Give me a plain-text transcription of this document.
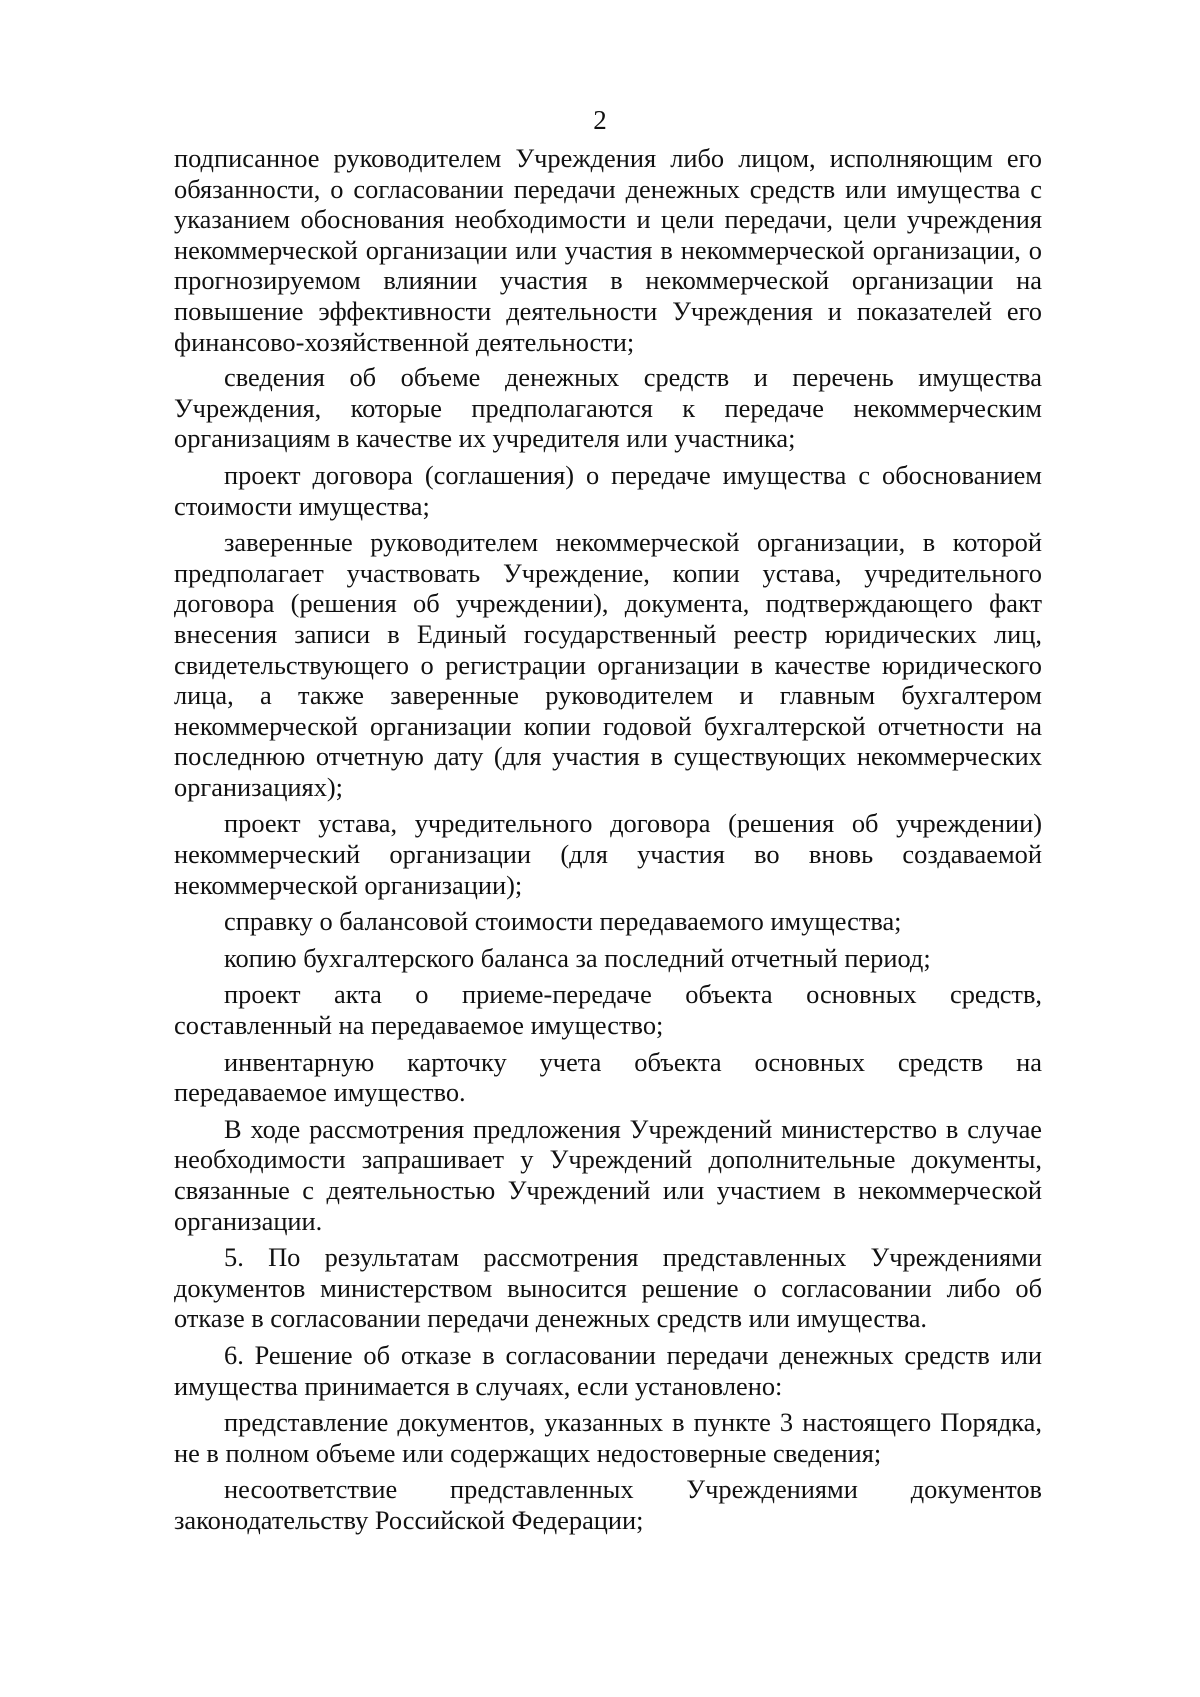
2

подписанное руководителем Учреждения либо лицом, исполняющим его обязанности, о согласовании передачи денежных средств или имущества с указанием обоснования необходимости и цели передачи, цели учреждения некоммерческой организации или участия в некоммерческой организации, о прогнозируемом влиянии участия в некоммерческой организации на повышение эффективности деятельности Учреждения и показателей его финансово-хозяйственной деятельности;

сведения об объеме денежных средств и перечень имущества Учреждения, которые предполагаются к передаче некоммерческим организациям в качестве их учредителя или участника;

проект договора (соглашения) о передаче имущества с обоснованием стоимости имущества;

заверенные руководителем некоммерческой организации, в которой предполагает участвовать Учреждение, копии устава, учредительного договора (решения об учреждении), документа, подтверждающего факт внесения записи в Единый государственный реестр юридических лиц, свидетельствующего о регистрации организации в качестве юридического лица, а также заверенные руководителем и главным бухгалтером некоммерческой организации копии годовой бухгалтерской отчетности на последнюю отчетную дату (для участия в существующих некоммерческих организациях);

проект устава, учредительного договора (решения об учреждении) некоммерческий организации (для участия во вновь создаваемой некоммерческой организации);

справку о балансовой стоимости передаваемого имущества;

копию бухгалтерского баланса за последний отчетный период;

проект акта о приеме-передаче объекта основных средств, составленный на передаваемое имущество;

инвентарную карточку учета объекта основных средств на передаваемое имущество.

В ходе рассмотрения предложения Учреждений министерство в случае необходимости запрашивает у Учреждений дополнительные документы, связанные с деятельностью Учреждений или участием в некоммерческой организации.

5. По результатам рассмотрения представленных Учреждениями документов министерством выносится решение о согласовании либо об отказе в согласовании передачи денежных средств или имущества.

6. Решение об отказе в согласовании передачи денежных средств или имущества принимается в случаях, если установлено:

представление документов, указанных в пункте 3 настоящего Порядка, не в полном объеме или содержащих недостоверные сведения;

несоответствие представленных Учреждениями документов законодательству Российской Федерации;
